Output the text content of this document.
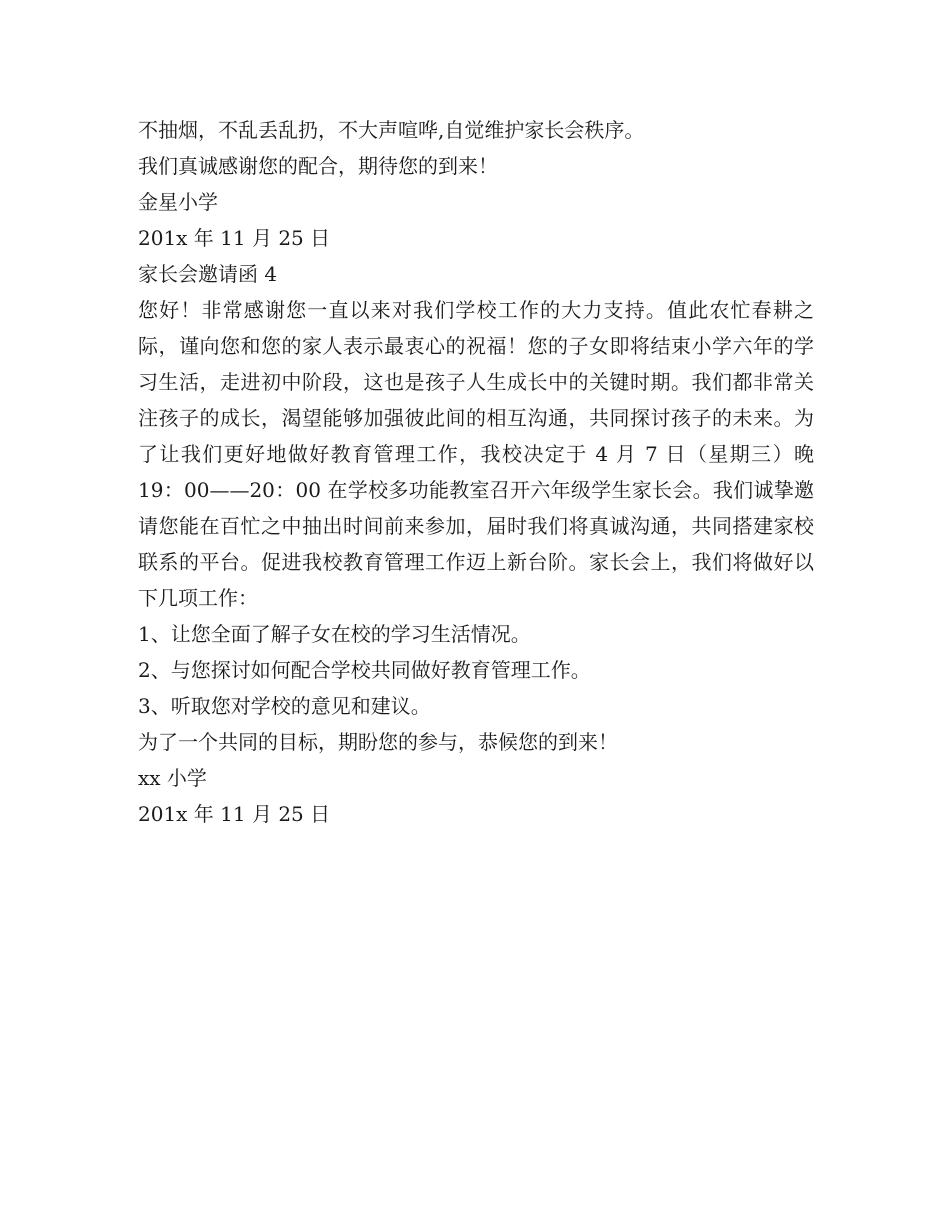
不抽烟，不乱丢乱扔，不大声喧哗,自觉维护家长会秩序。

我们真诚感谢您的配合，期待您的到来！

金星小学

201x 年 11 月 25 日

家长会邀请函 4

您好！非常感谢您一直以来对我们学校工作的大力支持。值此农忙春耕之际，谨向您和您的家人表示最衷心的祝福！您的子女即将结束小学六年的学习生活，走进初中阶段，这也是孩子人生成长中的关键时期。我们都非常关注孩子的成长，渴望能够加强彼此间的相互沟通，共同探讨孩子的未来。为了让我们更好地做好教育管理工作，我校决定于 4 月 7 日（星期三）晚 19：00——20：00 在学校多功能教室召开六年级学生家长会。我们诚挚邀请您能在百忙之中抽出时间前来参加，届时我们将真诚沟通，共同搭建家校联系的平台。促进我校教育管理工作迈上新台阶。家长会上，我们将做好以下几项工作：

1、让您全面了解子女在校的学习生活情况。

2、与您探讨如何配合学校共同做好教育管理工作。

3、听取您对学校的意见和建议。

为了一个共同的目标，期盼您的参与，恭候您的到来！

xx 小学

201x 年 11 月 25 日
